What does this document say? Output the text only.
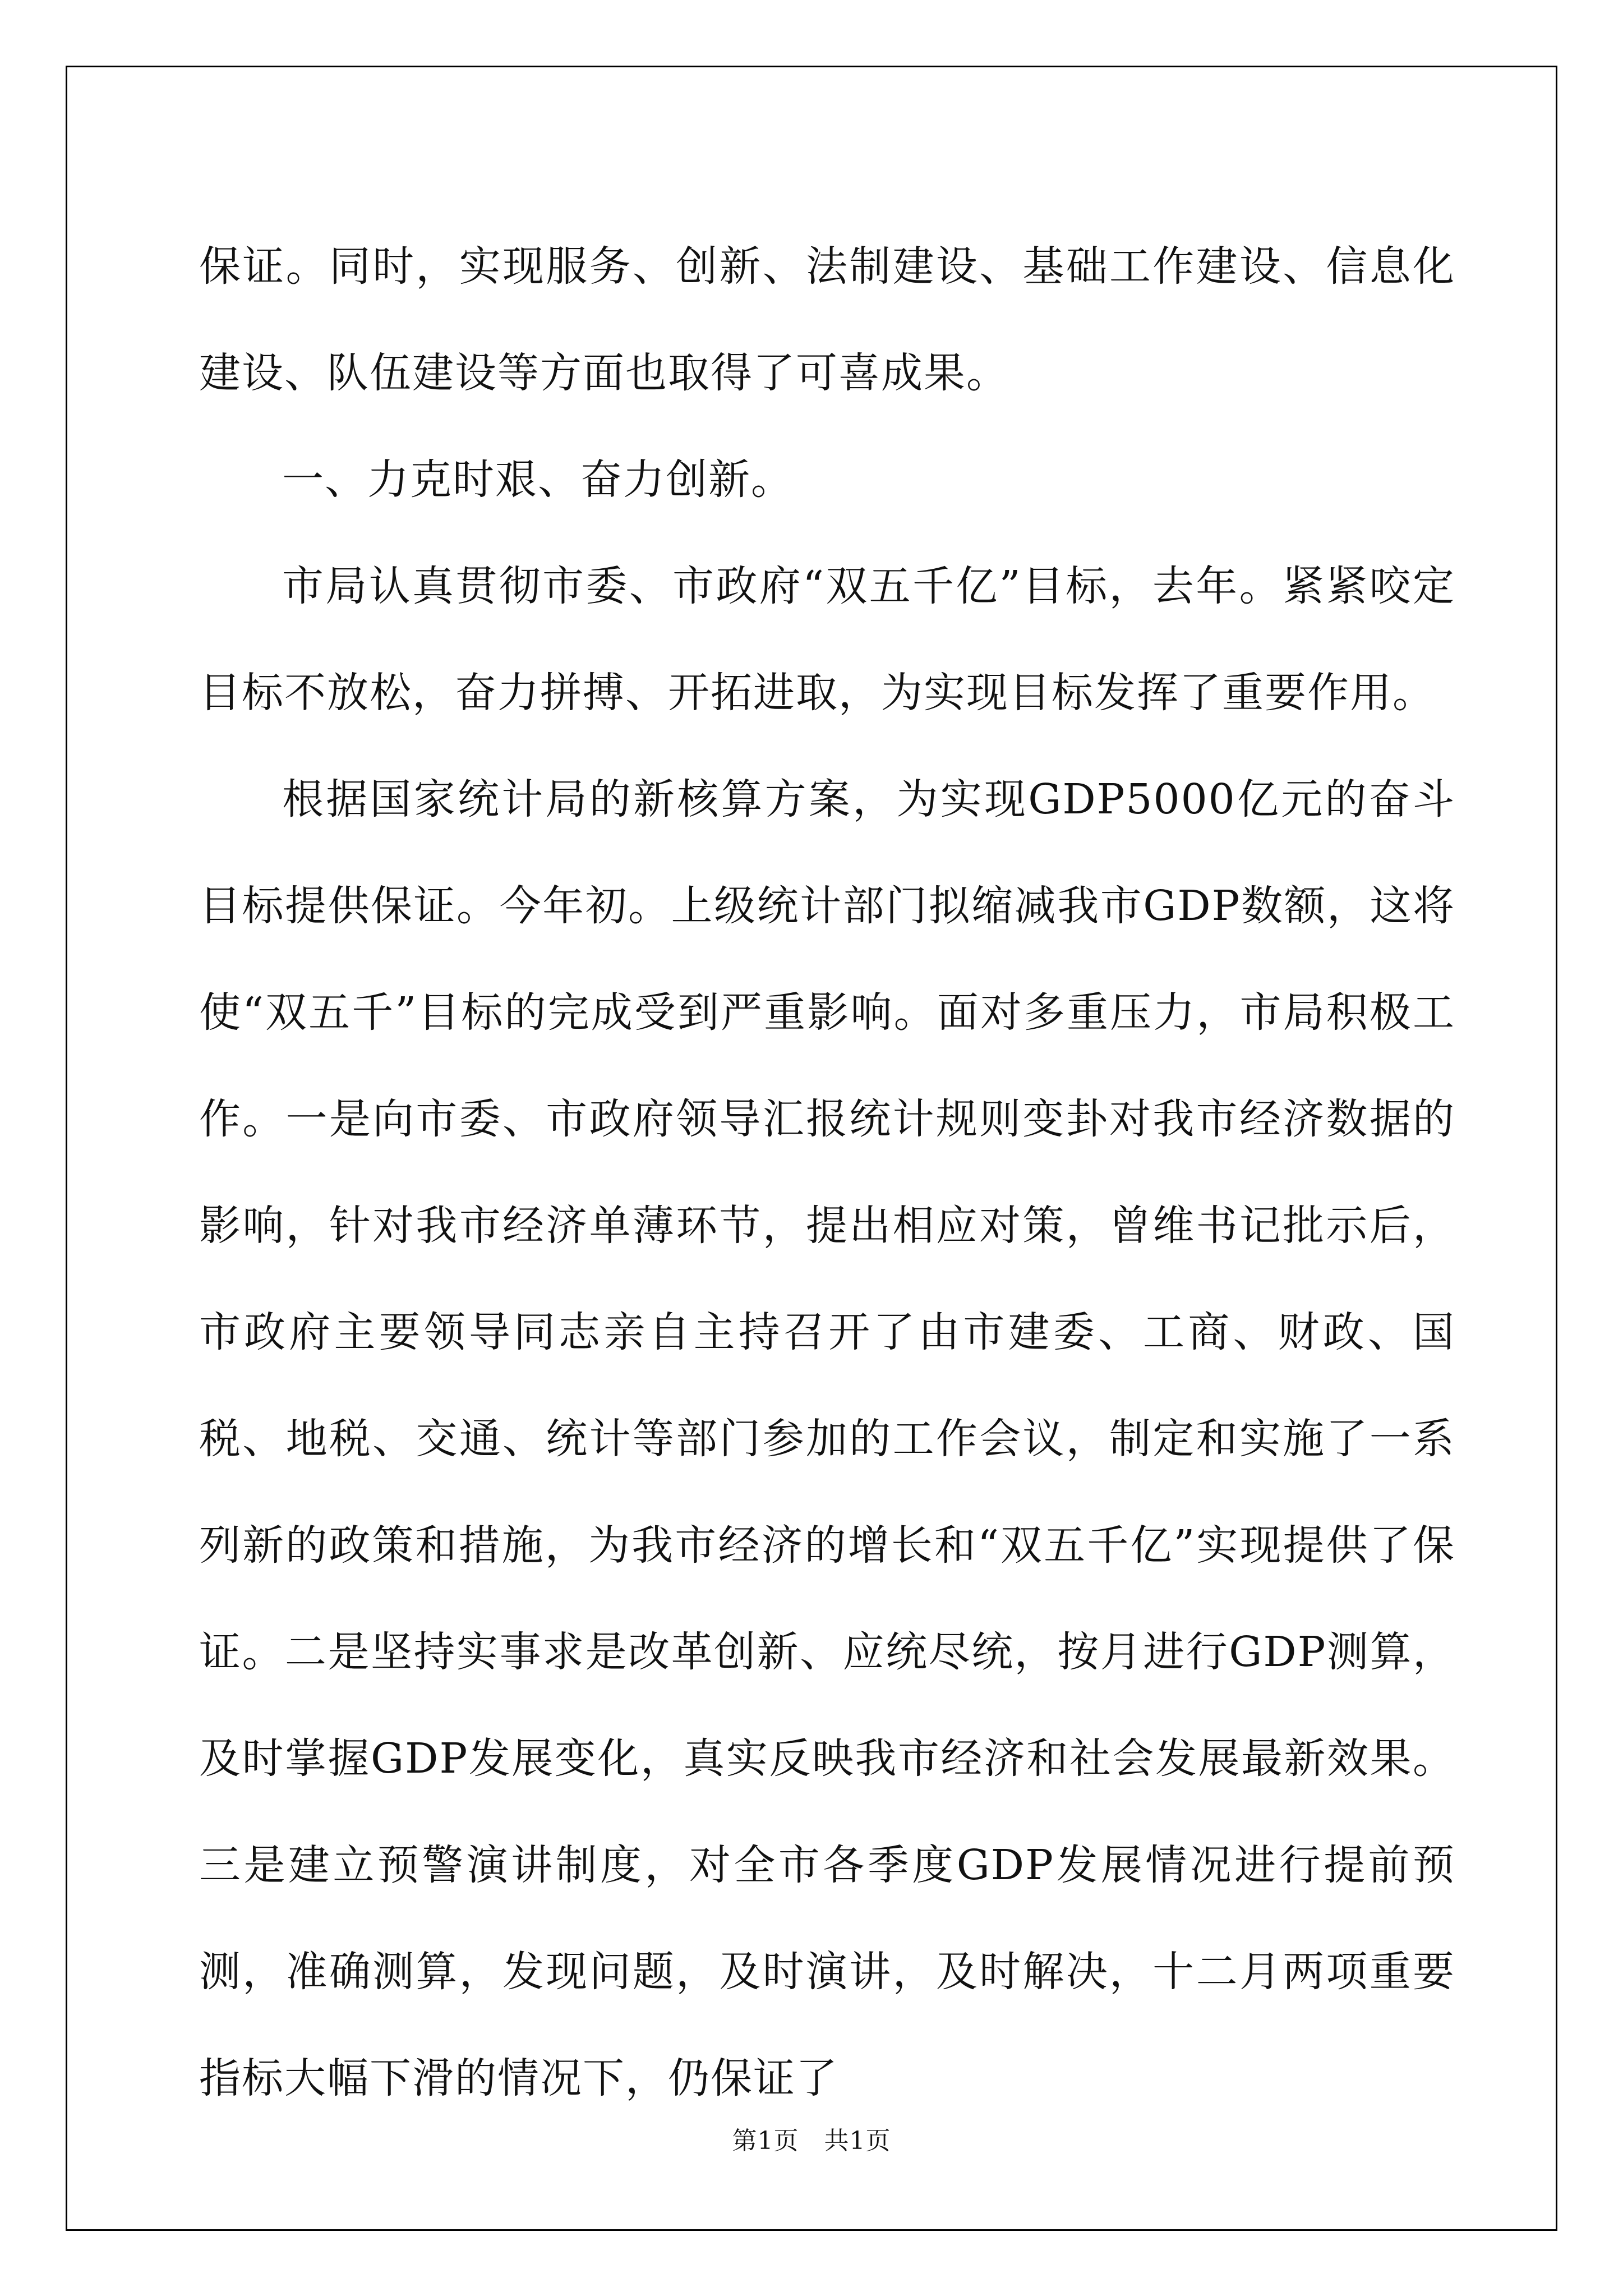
保证。同时，实现服务、创新、法制建设、基础工作建设、信息化建设、队伍建设等方面也取得了可喜成果。

一、力克时艰、奋力创新。

市局认真贯彻市委、市政府“双五千亿”目标，去年。紧紧咬定目标不放松，奋力拼搏、开拓进取，为实现目标发挥了重要作用。

根据国家统计局的新核算方案，为实现GDP5000亿元的奋斗目标提供保证。今年初。上级统计部门拟缩减我市GDP数额，这将使“双五千”目标的完成受到严重影响。面对多重压力，市局积极工作。一是向市委、市政府领导汇报统计规则变卦对我市经济数据的影响，针对我市经济单薄环节，提出相应对策，曾维书记批示后，市政府主要领导同志亲自主持召开了由市建委、工商、财政、国税、地税、交通、统计等部门参加的工作会议，制定和实施了一系列新的政策和措施，为我市经济的增长和“双五千亿”实现提供了保证。二是坚持实事求是改革创新、应统尽统，按月进行GDP测算，及时掌握GDP发展变化，真实反映我市经济和社会发展最新效果。三是建立预警演讲制度，对全市各季度GDP发展情况进行提前预测，准确测算，发现问题，及时演讲，及时解决，十二月两项重要指标大幅下滑的情况下，仍保证了

第1页　共1页
